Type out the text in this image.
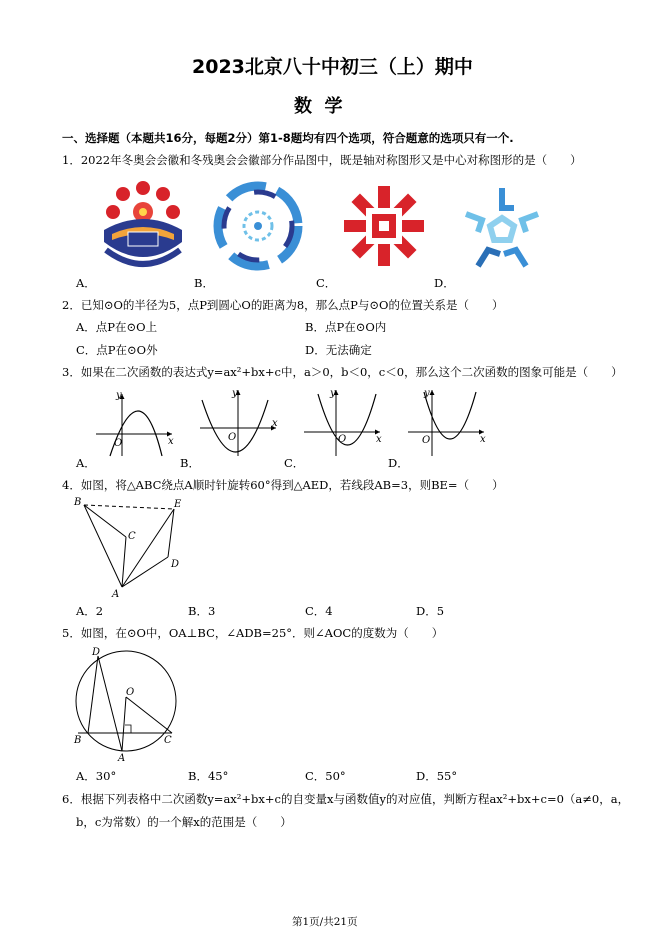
2023北京八十中初三（上）期中
数  学
一、选择题（本题共16分，每题2分）第1-8题均有四个选项，符合题意的选项只有一个.
1．2022年冬奥会会徽和冬残奥会会徽部分作品图中，既是轴对称图形又是中心对称图形的是（　　）
A．	B．	C．	D．
2．已知⊙O的半径为5，点P到圆心O的距离为8，那么点P与⊙O的位置关系是（　　）
A．点P在⊙O上	B．点P在⊙O内
C．点P在⊙O外	D．无法确定
3．如果在二次函数的表达式y=ax²+bx+c中，a＞0，b＜0，c＜0，那么这个二次函数的图象可能是（　　）
y
x
O
y
x
O
y
x
O
y
x
O
A．	B．	C．	D．
4．如图，将△ABC绕点A顺时针旋转60°得到△AED，若线段AB=3，则BE=（　　）
B	E
C
D
A
A．2	B．3	C．4	D．5
5．如图，在⊙O中，OA⊥BC，∠ADB=25°．则∠AOC的度数为（　　）
D
O
B
A
C
A．30°	B．45°	C．50°	D．55°
6．根据下列表格中二次函数y=ax²+bx+c的自变量x与函数值y的对应值，判断方程ax²+bx+c=0（a≠0，a，
b，c为常数）的一个解x的范围是（　　）
第1页/共21页
